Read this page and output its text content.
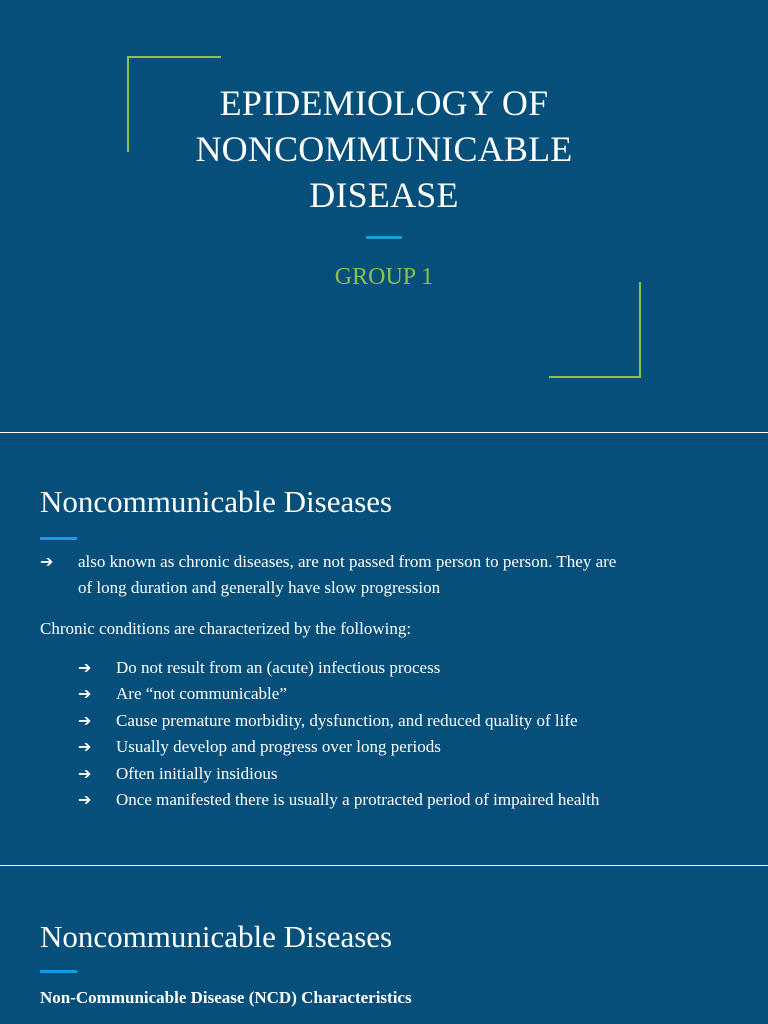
EPIDEMIOLOGY OF
NONCOMMUNICABLE
DISEASE
GROUP 1
Noncommunicable Diseases
➔	also known as chronic diseases, are not passed from person to person. They are
of long duration and generally have slow progression
Chronic conditions are characterized by the following:
➔	Do not result from an (acute) infectious process
➔	Are “not communicable”
➔	Cause premature morbidity, dysfunction, and reduced quality of life
➔	Usually develop and progress over long periods
➔	Often initially insidious
➔	Once manifested there is usually a protracted period of impaired health
Noncommunicable Diseases
Non-Communicable Disease (NCD) Characteristics
